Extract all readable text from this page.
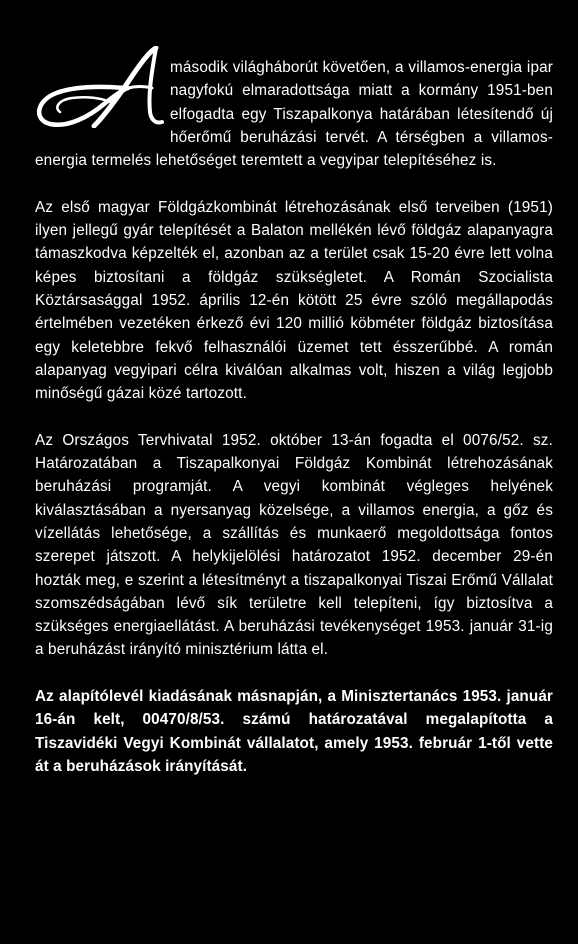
második világháborút követően, a villamos-energia ipar nagyfokú elmaradottsága miatt a kormány 1951-ben elfogadta egy Tiszapalkonya határában létesítendő új hőerőmű beruházási tervét. A térségben a villamos-energia termelés lehetőséget teremtett a vegyipar telepítéséhez is.

Az első magyar Földgázkombinát létrehozásának első terveiben (1951) ilyen jellegű gyár telepítését a Balaton mellékén lévő földgáz alapanyagra támaszkodva képzelték el, azonban az a terület csak 15-20 évre lett volna képes biztosítani a földgáz szükségletet. A Román Szocialista Köztársasággal 1952. április 12-én kötött 25 évre szóló megállapodás értelmében vezetéken érkező évi 120 millió köbméter földgáz biztosítása egy keletebbre fekvő felhasználói üzemet tett ésszerűbbé. A román alapanyag vegyipari célra kiválóan alkalmas volt, hiszen a világ legjobb minőségű gázai közé tartozott.

Az Országos Tervhivatal 1952. október 13-án fogadta el 0076/52. sz. Határozatában a Tiszapalkonyai Földgáz Kombinát létrehozásának beruházási programját. A vegyi kombinát végleges helyének kiválasztásában a nyersanyag közelsége, a villamos energia, a gőz és vízellátás lehetősége, a szállítás és munkaerő megoldottsága fontos szerepet játszott. A helykijelölési határozatot 1952. december 29-én hozták meg, e szerint a létesítményt a tiszapalkonyai Tiszai Erőmű Vállalat szomszédságában lévő sík területre kell telepíteni, így biztosítva a szükséges energiaellátást. A beruházási tevékenységet 1953. január 31-ig a beruházást irányító minisztérium látta el.

Az alapítólevél kiadásának másnapján, a Minisztertanács 1953. január 16-án kelt, 00470/8/53. számú határozatával megalapította a Tiszavidéki Vegyi Kombinát vállalatot, amely 1953. február 1-től vette át a beruházások irányítását.
